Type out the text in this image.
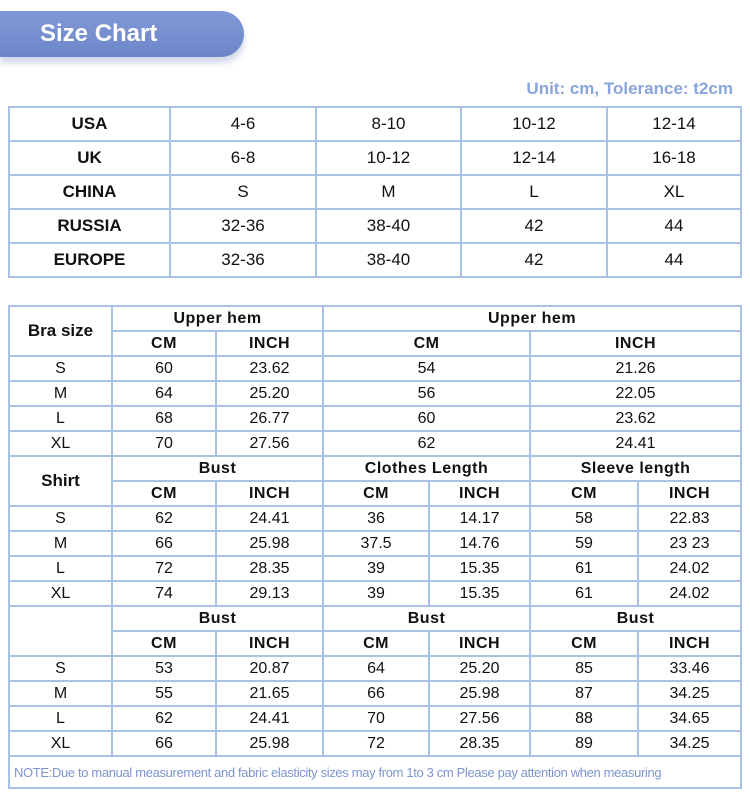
Size Chart
Unit: cm, Tolerance: t2cm
USA	4-6	8-10	10-12	12-14
UK	6-8	10-12	12-14	16-18
CHINA	S	M	L	XL
RUSSIA	32-36	38-40	42	44
EUROPE	32-36	38-40	42	44
Bra size	Upper hem		Upper hem			
	CM	INCH	CM		INCH	
S	60	23.62	54		21.26	
M	64	25.20	56		22.05	
L	68	26.77	60		23.62	
XL	70	27.56	62		24.41	
Shirt	Bust		Clothes Length		Sleeve length	
	CM	INCH	CM	INCH	CM	INCH
S	62	24.41	36	14.17	58	22.83
M	66	25.98	37.5	14.76	59	23 23
L	72	28.35	39	15.35	61	24.02
XL	74	29.13	39	15.35	61	24.02
	Bust		Bust		Bust	
	CM	INCH	CM	INCH	CM	INCH
S	53	20.87	64	25.20	85	33.46
M	55	21.65	66	25.98	87	34.25
L	62	24.41	70	27.56	88	34.65
XL	66	25.98	72	28.35	89	34.25
NOTE:Due to manual measurement and fabric elasticity sizes may from 1to 3 cm Please pay attention when measuring						
